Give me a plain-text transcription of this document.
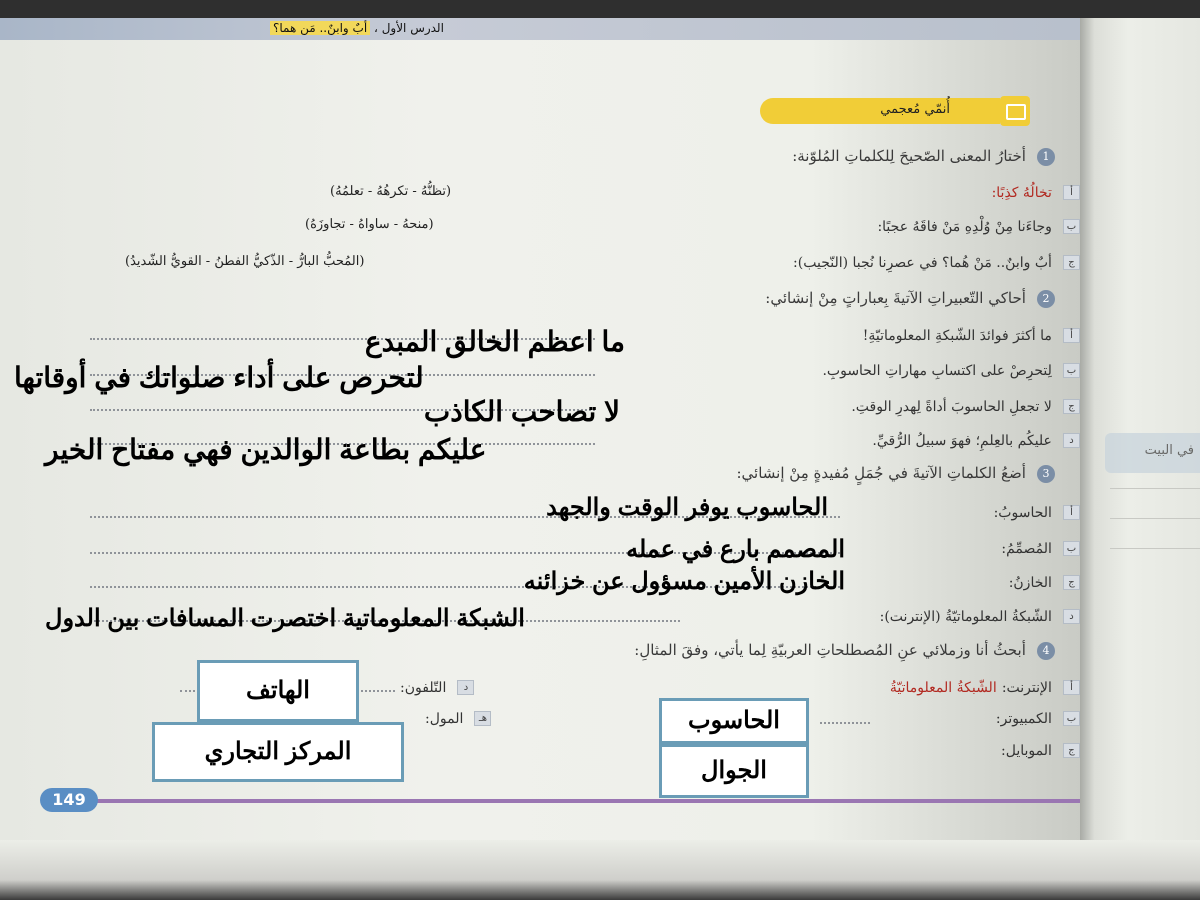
في البيت
الدرس الأول ، أبٌ وابنٌ.. مَن هما؟
أُنمّي مُعجمي
1 أختارُ المعنى الصّحيحَ لِلكلماتِ المُلوّنة:
أ تخالُهُ كذِبًا:
(تظنُّهُ - تكرهُهُ - تعلمُهُ)
ب وجاءَنا مِنْ وُلْدِهِ مَنْ فاقَهُ عجبًا:
(منحهُ - ساواهُ - تجاوزَهُ)
ج أبٌ وابنٌ.. مَنْ هُما؟ في عصرِنا نُجبا (النّجيب):
(المُحبُّ البارُّ - الذّكيُّ الفطنُ - القويُّ الشّديدُ)
2 أحاكي التّعبيراتِ الآتيةَ بِعباراتٍ مِنْ إنشائي:
أ ما أكثرَ فوائدَ الشّبكةِ المعلوماتيّةِ!
ب لِتحرِصْ على اكتسابِ مهاراتِ الحاسوبِ.
ج لا تجعلِ الحاسوبَ أداةً لِهدرِ الوقتِ.
د عليكُم بالعِلمِ؛ فهوَ سبيلُ الرُّقيِّ.
3 أضعُ الكلماتِ الآتيةَ في جُمَلٍ مُفيدةٍ مِنْ إنشائي:
أ الحاسوبُ:
ب المُصمِّمُ:
ج الخازنُ:
د الشّبكةُ المعلوماتيّةُ (الإنترنت):
4 أبحثُ أنا وزملائي عنِ المُصطلحاتِ العربيّةِ لِما يأتي، وفقَ المثالِ:
أ الإنترنت: الشّبكةُ المعلوماتيّةُ
ب الكمبيوتر:
ج الموبايل:
د التّلفون:
هـ المول:
149
ما اعظم الخالق المبدع
لتحرص على أداء صلواتك في أوقاتها
لا تصاحب الكاذب
عليكم بطاعة الوالدين فهي مفتاح الخير
الحاسوب يوفر الوقت والجهد
المصمم بارع في عمله
الخازن الأمين مسؤول عن خزائنه
الشبكة المعلوماتية اختصرت المسافات بين الدول
الهاتف
المركز التجاري
الحاسوب
الجوال
